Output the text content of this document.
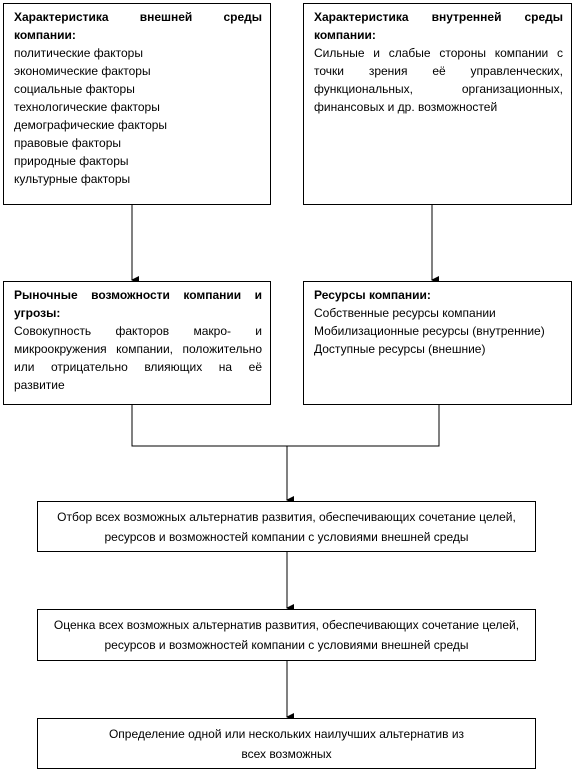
Характеристика внешней среды компании:
политические факторы
экономические факторы
социальные факторы
технологические факторы
демографические факторы
правовые факторы
природные факторы
культурные факторы
Характеристика внутренней среды компании:
Сильные и слабые стороны компании с точки зрения её управленческих, функциональных, организационных, финансовых и др. возможностей
Рыночные возможности компании и угрозы:
Совокупность факторов макро- и микроокружения компании, положительно или отрицательно влияющих на её развитие
Ресурсы компании:
Собственные ресурсы компании
Мобилизационные ресурсы (внутренние)
Доступные ресурсы (внешние)
Отбор всех возможных альтернатив развития, обеспечивающих сочетание целей, ресурсов и возможностей компании с условиями внешней среды
Оценка всех возможных альтернатив развития, обеспечивающих сочетание целей, ресурсов и возможностей компании с условиями внешней среды
Определение одной или нескольких наилучших альтернатив из всех возможных
